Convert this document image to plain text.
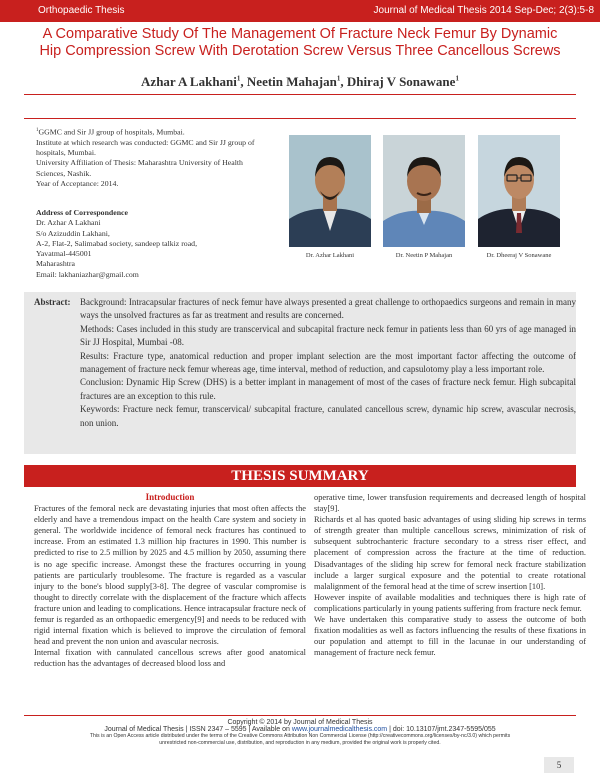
Orthopaedic Thesis	Journal of Medical Thesis 2014 Sep-Dec; 2(3):5-8
A Comparative Study Of The Management Of Fracture Neck Femur By Dynamic
Hip Compression Screw With Derotation Screw Versus Three Cancellous Screws
Azhar A Lakhani$^1$, Neetin Mahajan$^1$, Dhiraj V Sonawane$^1$
$^1$GGMC and Sir JJ group of hospitals, Mumbai.
Institute at which research was conducted: GGMC and Sir JJ group of hospitals, Mumbai.
University Affiliation of Thesis: Maharashtra University of Health Sciences, Nashik.
Year of Acceptance: 2014.
Address of Correspondence
Dr. Azhar A Lakhani
S/o Azizuddin Lakhani,
A-2, Flat-2, Salimabad society, sandeep talkiz road,
Yavatmal-445001
Maharashtra
Email: lakhaniazhar@gmail.com
Dr. Azhar Lakhani	Dr. Neetin P Mahajan	Dr. Dheeraj V Sonawane
Abstract:	Background: Intracapsular fractures of neck femur have always presented a great challenge to orthopaedics surgeons and remain in many ways the unsolved fractures as far as treatment and results are concerned.
Methods: Cases included in this study are transcervical and subcapital fracture neck femur in patients less than 60 yrs of age managed in Sir JJ Hospital, Mumbai -08.
Results: Fracture type, anatomical reduction and proper implant selection are the most important factor affecting the outcome of management of fracture neck femur whereas age, time interval, method of reduction, and capsulotomy play a less important role.
Conclusion: Dynamic Hip Screw (DHS) is a better implant in management of most of the cases of fracture neck femur. High subcapital fractures are an exception to this rule.
Keywords: Fracture neck femur, transcervical/ subcapital fracture, canulated cancellous screw, dynamic hip screw, avascular necrosis, non union.
THESIS SUMMARY
Introduction

Fractures of the femoral neck are devastating injuries that most often affects the elderly and have a tremendous impact on the health Care system and society in general. The worldwide incidence of femoral neck fractures has continued to increase. From an estimated 1.3 million hip fractures in 1990. This number is predicted to rise to 2.5 million by 2025 and 4.5 million by 2050, assuming there is no age specific increase. Amongst these the fractures occurring in young patients are particularly troublesome. The fracture is regarded as a vascular injury to the bone's blood supply[3-8]. The degree of vascular compromise is thought to directly correlate with the displacement of the fracture which affects fracture union and leading to complications. Hence intracapsular fracture neck of femur is regarded as an orthopaedic emergency[9] and needs to be reduced with rigid internal fixation which is believed to improve the circulation of femoral head and prevent the non union and avascular necrosis.

Internal fixation with cannulated cancellous screws after good anatomical reduction has the advantages of decreased blood loss and

operative time, lower transfusion requirements and decreased length of hospital stay[9].

Richards et al has quoted basic advantages of using sliding hip screws in terms of strength greater than multiple cancellous screws, minimization of risk of subsequent subtrochanteric fracture secondary to a stress riser effect, and placement of compression across the fracture at the time of reduction. Disadvantages of the sliding hip screw for femoral neck fracture stabilization include a larger surgical exposure and the potential to create rotational malalignment of the femoral head at the time of screw insertion [10].

However inspite of available modalities and techniques there is high rate of complications particularly in young patients suffering from fracture neck femur.

We have undertaken this comparative study to assess the outcome of both fixation modalities as well as factors influencing the results of these fixations in our population and attempt to fill in the lacunae in our understanding of management of fracture neck femur.

Copyright © 2014 by Journal of Medical Thesis
Journal of Medical Thesis | ISSN 2347 – 5595 | Available on www.journalmedicalthesis.com | doi: 10.13107/jmt.2347-5595/055
This is an Open Access article distributed under the terms of the Creative Commons Attribution Non Commercial License (http://creativecommons.org/licenses/by-nc/3.0) which permits
unrestricted non-commercial use, distribution, and reproduction in any medium, provided the original work is properly cited.
5
